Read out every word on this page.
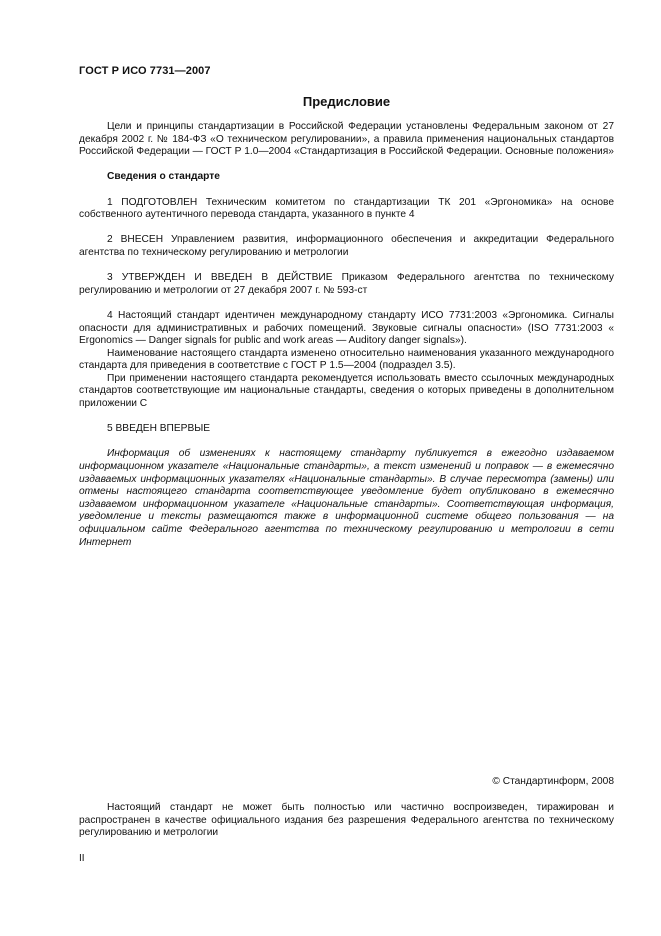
ГОСТ Р ИСО 7731—2007
Предисловие

Цели и принципы стандартизации в Российской Федерации установлены Федеральным законом от 27 декабря 2002 г. № 184-ФЗ «О техническом регулировании», а правила применения национальных стандартов Российской Федерации — ГОСТ Р 1.0—2004 «Стандартизация в Российской Федерации. Основные положения»

Сведения о стандарте

1 ПОДГОТОВЛЕН Техническим комитетом по стандартизации ТК 201 «Эргономика» на основе собственного аутентичного перевода стандарта, указанного в пункте 4

2 ВНЕСЕН Управлением развития, информационного обеспечения и аккредитации Федерального агентства по техническому регулированию и метрологии

3 УТВЕРЖДЕН И ВВЕДЕН В ДЕЙСТВИЕ Приказом Федерального агентства по техническому регулированию и метрологии от 27 декабря 2007 г. № 593-ст

4 Настоящий стандарт идентичен международному стандарту ИСО 7731:2003 «Эргономика. Сигналы опасности для административных и рабочих помещений. Звуковые сигналы опасности» (ISO 7731:2003 « Ergonomics — Danger signals for public and work areas — Auditory danger signals»).

Наименование настоящего стандарта изменено относительно наименования указанного международного стандарта для приведения в соответствие с ГОСТ Р 1.5—2004 (подраздел 3.5).

При применении настоящего стандарта рекомендуется использовать вместо ссылочных международных стандартов соответствующие им национальные стандарты, сведения о которых приведены в дополнительном приложении С

5 ВВЕДЕН ВПЕРВЫЕ

Информация об изменениях к настоящему стандарту публикуется в ежегодно издаваемом информационном указателе «Национальные стандарты», а текст изменений и поправок — в ежемесячно издаваемых информационных указателях «Национальные стандарты». В случае пересмотра (замены) или отмены настоящего стандарта соответствующее уведомление будет опубликовано в ежемесячно издаваемом информационном указателе «Национальные стандарты». Соответствующая информация, уведомление и тексты размещаются также в информационной системе общего пользования — на официальном сайте Федерального агентства по техническому регулированию и метрологии в сети Интернет

© Стандартинформ, 2008

Настоящий стандарт не может быть полностью или частично воспроизведен, тиражирован и распространен в качестве официального издания без разрешения Федерального агентства по техническому регулированию и метрологии

II
